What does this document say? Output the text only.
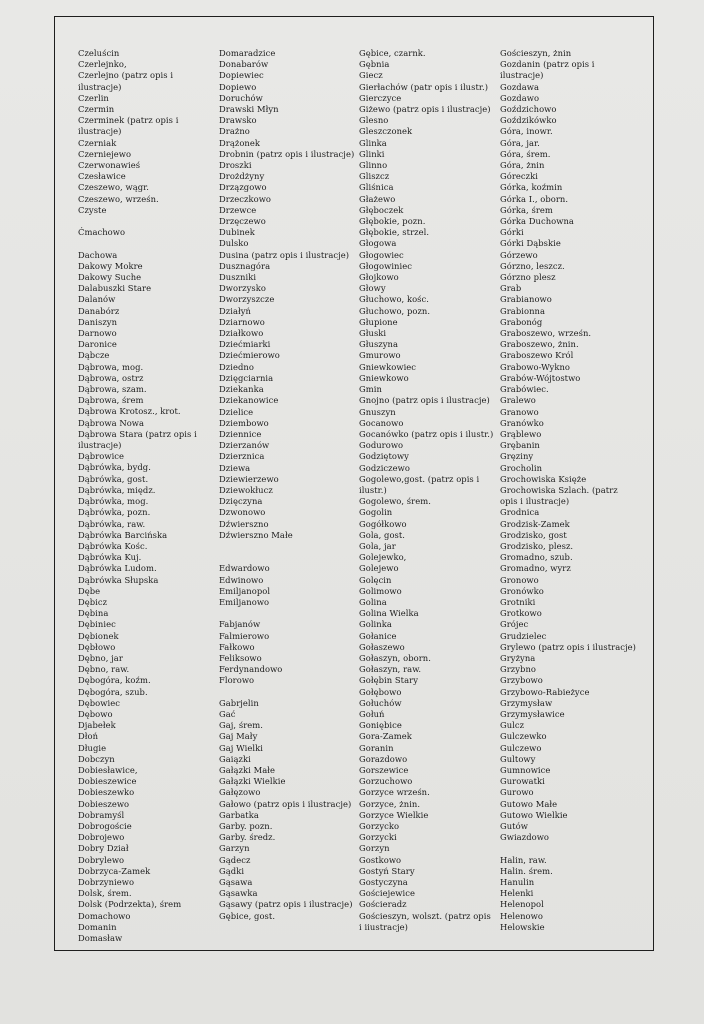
Czeluścin
Czerlejnko,
Czerlejno (patrz opis i ilustracje)
Czerlin
Czermin
Czerminek (patrz opis i ilustracje)
Czerniak
Czerniejewo
Czerwonawieś
Czesławice
Czeszewo, wągr.
Czeszewo, wrześn.
Czyste
Ćmachowo
Dachowa
Dakowy Mokre
Dakowy Suche
Dalabuszki Stare
Dalanów
Danabórz
Daniszyn
Darnowo
Daronice
Dąbcze
Dąbrowa, mog.
Dąbrowa, ostrz
Dąbrowa, szam.
Dąbrowa, śrem
Dąbrowa Krotosz., krot.
Dąbrowa Nowa
Dąbrowa Stara (patrz opis i ilustracje)
Dąbrowice
Dąbrówka, bydg.
Dąbrówka, gost.
Dąbrówka, międz.
Dąbrówka, mog.
Dąbrówka, pozn.
Dąbrówka, raw.
Dąbrówka Barcińska
Dąbrówka Kośc.
Dąbrówka Kuj.
Dąbrówka Ludom.
Dąbrówka Słupska
Dębe
Dębicz
Dębina
Dębiniec
Dębionek
Dębłowo
Dębno, jar
Dębno, raw.
Dębogóra, koźm.
Dębogóra, szub.
Dębowiec
Dębowo
Djabełek
Dłoń
Długie
Dobczyn
Dobiesławice,
Dobieszewice
Dobieszewko
Dobieszewo
Dobramyśl
Dobrogoście
Dobrojewo
Dobry Dział
Dobrylewo
Dobrzyca-Zamek
Dobrzyniewo
Dolsk, śrem.
Dolsk (Podrzekta), śrem
Domachowo
Domanin
Domasław
Domaradzice
Donabarów
Dopiewiec
Dopiewo
Doruchów
Drawski Młyn
Drawsko
Drażno
Drążonek
Drobnin (patrz opis i ilustracje)
Droszki
Drożdżyny
Drzązgowo
Drzeczkowo
Drzewce
Drzęczewo
Dubinek
Dulsko
Dusina (patrz opis i ilustracje)
Dusznagóra
Duszniki
Dworzysko
Dworzyszcze
Działyń
Dziarnowo
Działkowo
Dziećmiarki
Dziećmierowo
Dziedno
Dzięgciarnia
Dziekanka
Dziekanowice
Dzielice
Dziembowo
Dziennice
Dzierzanów
Dzierznica
Dziewa
Dziewierzewo
Dziewokłucz
Dzięczyna
Dzwonowo
Dźwierszno
Dźwierszno Małe
Edwardowo
Edwinowo
Emiljanopol
Emiljanowo
Fabjanów
Falmierowo
Fałkowo
Feliksowo
Ferdynandowo
Florowo
Gabrjelin
Gać
Gaj, śrem.
Gaj Mały
Gaj Wielki
Gaiązki
Gałązki Małe
Gałązki Wielkie
Gałęzowo
Gałowo (patrz opis i ilustracje)
Garbatka
Garby. pozn.
Garby. średz.
Garzyn
Gądecz
Gądki
Gąsawa
Gąsawka
Gąsawy (patrz opis i ilustracje)
Gębice, gost.
Gębice, czarnk.
Gębnia
Giecz
Gierłachów (patr opis i ilustr.)
Gierczyce
Giżewo (patrz opis i ilustracje)
Glesno
Gleszczonek
Glinka
Glinki
Glinno
Gliszcz
Gliśnica
Głażewo
Głęboczek
Głębokie, pozn.
Głębokie, strzel.
Głogowa
Głogowiec
Głogowiniec
Głojkowo
Głowy
Głuchowo, kośc.
Głuchowo, pozn.
Głupione
Głuski
Głuszyna
Gmurowo
Gniewkowiec
Gniewkowo
Gmin
Gnojno (patrz opis i ilustracje)
Gnuszyn
Gocanowo
Gocanówko (patrz opis i ilustr.)
Godurowo
Godziętowy
Godziczewo
Gogolewo,gost. (patrz opis i ilustr.)
Gogolewo, śrem.
Gogolin
Gogółkowo
Gola, gost.
Gola, jar
Golejewko,
Golejewo
Golęcin
Golimowo
Golina
Golina Wielka
Golinka
Gołanice
Gołaszewo
Gołaszyn, oborn.
Gołaszyn, raw.
Gołębin Stary
Gołębowo
Gołuchów
Gołuń
Goniębice
Gora-Zamek
Goranin
Gorazdowo
Gorszewice
Gorzuchowo
Gorzyce wrześn.
Gorzyce, żnin.
Gorzyce Wielkie
Gorzycko
Gorzycki
Gorzyn
Gostkowo
Gostyń Stary
Gostyczyna
Gościejewice
Gościeradz
Gościeszyn, wolszt. (patrz opis i iiustracje)
Gościeszyn, żnin
Gozdanin (patrz opis i ilustracje)
Gozdawa
Gozdawo
Goździchowo
Goździkówko
Góra, inowr.
Góra, jar.
Góra, śrem.
Góra, żnin
Góreczki
Górka, koźmin
Górka I., oborn.
Górka, śrem
Górka Duchowna
Górki
Górki Dąbskie
Górzewo
Górzno, leszcz.
Górzno plesz
Grab
Grabianowo
Grabionna
Grabonóg
Graboszewo, wrześn.
Graboszewo, żnin.
Graboszewo Król
Grabowo-Wykno
Grabów-Wójtostwo
Grabówiec.
Gralewo
Granowo
Granówko
Grąblewo
Grębanin
Gręziny
Grocholin
Grochowiska Księże
Grochowiska Szlach. (patrz opis i ilustracje)
Grodnica
Grodzisk-Zamek
Grodzisko, gost
Grodzisko, plesz.
Gromadno, szub.
Gromadno, wyrz
Gronowo
Gronówko
Grotniki
Grotkowo
Grójec
Grudzielec
Grylewo (patrz opis i ilustracje)
Gryżyna
Grzybno
Grzybowo
Grzybowo-Rabieżyce
Grzymysław
Grzymysławice
Gulcz
Gulczewko
Gulczewo
Gultowy
Gumnowice
Gurowatki
Gurowo
Gutowo Małe
Gutowo Wielkie
Gutów
Gwiazdowo
Halin, raw.
Halin. śrem.
Hanulin
Helenki
Helenopol
Helenowo
Helowskie
